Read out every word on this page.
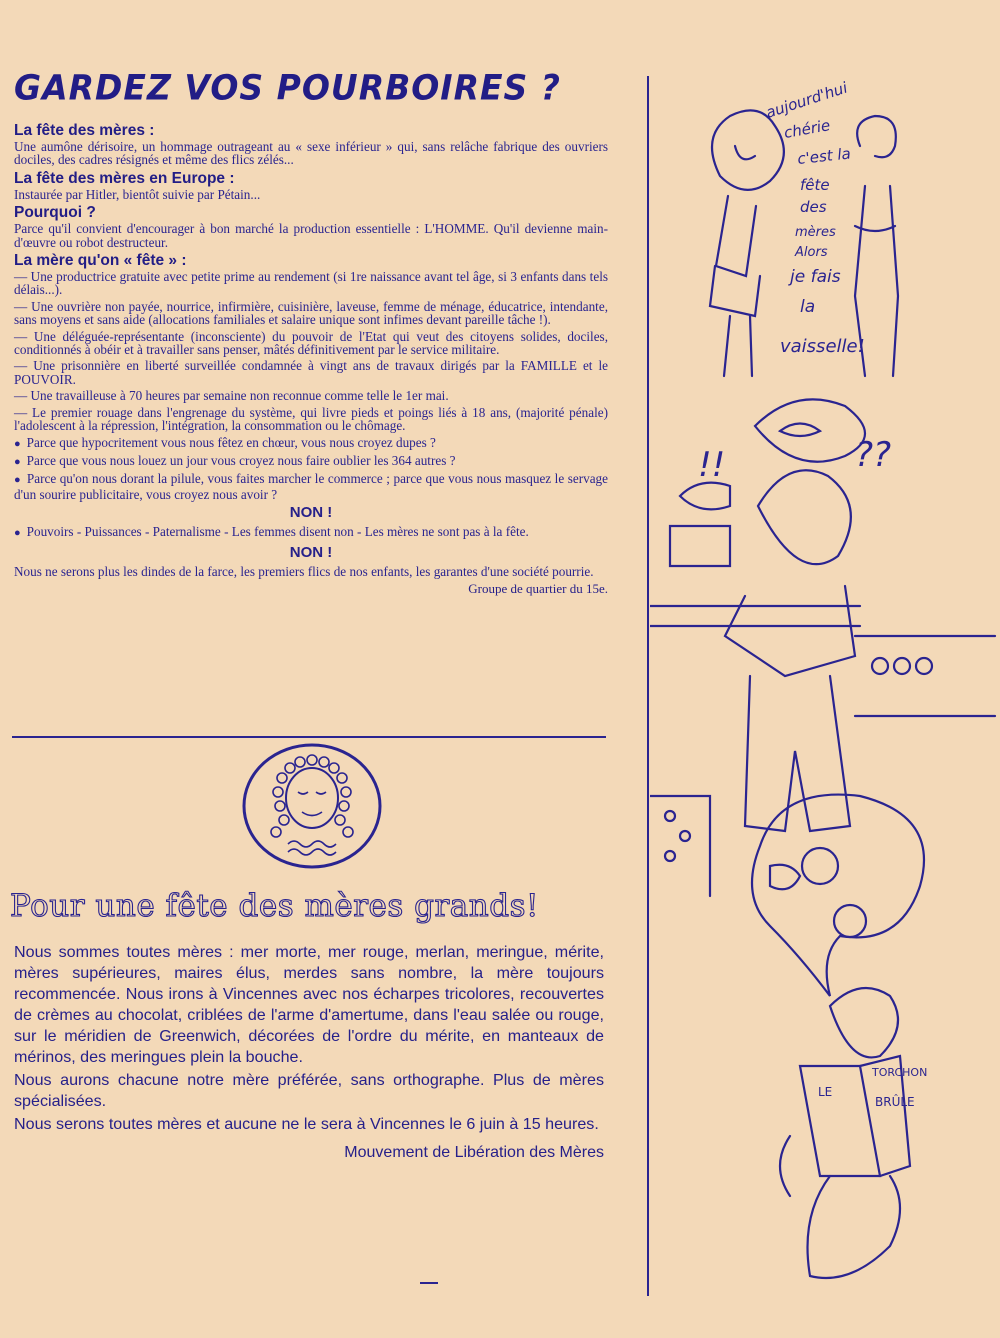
GARDEZ VOS POURBOIRES ?

La fête des mères :

Une aumône dérisoire, un hommage outrageant au « sexe inférieur » qui, sans relâche fabrique des ouvriers dociles, des cadres résignés et même des flics zélés...

La fête des mères en Europe :

Instaurée par Hitler, bientôt suivie par Pétain...

Pourquoi ?

Parce qu'il convient d'encourager à bon marché la production essentielle : L'HOMME. Qu'il devienne main-d'œuvre ou robot destructeur.

La mère qu'on « fête » :

— Une productrice gratuite avec petite prime au rendement (si 1re naissance avant tel âge, si 3 enfants dans tels délais...).

— Une ouvrière non payée, nourrice, infirmière, cuisinière, laveuse, femme de ménage, éducatrice, intendante, sans moyens et sans aide (allocations familiales et salaire unique sont infimes devant pareille tâche !).

— Une déléguée-représentante (inconsciente) du pouvoir de l'Etat qui veut des citoyens solides, dociles, conditionnés à obéir et à travailler sans penser, mâtés définitivement par le service militaire.

— Une prisonnière en liberté surveillée condamnée à vingt ans de travaux dirigés par la FAMILLE et le POUVOIR.

— Une travailleuse à 70 heures par semaine non reconnue comme telle le 1er mai.

— Le premier rouage dans l'engrenage du système, qui livre pieds et poings liés à 18 ans, (majorité pénale) l'adolescent à la répression, l'intégration, la consommation ou le chômage.

● Parce que hypocritement vous nous fêtez en chœur, vous nous croyez dupes ?

● Parce que vous nous louez un jour vous croyez nous faire oublier les 364 autres ?

● Parce qu'on nous dorant la pilule, vous faites marcher le commerce ; parce que vous nous masquez le servage d'un sourire publicitaire, vous croyez nous avoir ?

NON !

● Pouvoirs - Puissances - Paternalisme - Les femmes disent non - Les mères ne sont pas à la fête.

NON !

Nous ne serons plus les dindes de la farce, les premiers flics de nos enfants, les garantes d'une société pourrie.

Groupe de quartier du 15e.

Pour une fête des mères grands!

Nous sommes toutes mères : mer morte, mer rouge, merlan, meringue, mérite, mères supérieures, maires élus, merdes sans nombre, la mère toujours recommencée. Nous irons à Vincennes avec nos écharpes tricolores, recouvertes de crèmes au chocolat, criblées de l'arme d'amertume, dans l'eau salée ou rouge, sur le méridien de Greenwich, décorées de l'ordre du mérite, en manteaux de mérinos, des meringues plein la bouche.

Nous aurons chacune notre mère préférée, sans orthographe. Plus de mères spécialisées.

Nous serons toutes mères et aucune ne le sera à Vincennes le 6 juin à 15 heures.

Mouvement de Libération des Mères

aujourd'hui
chérie
c'est la
fête
des
mères
Alors
je fais
la
vaisselle!
!!	??
LE
TORCHON
BRÛLE
